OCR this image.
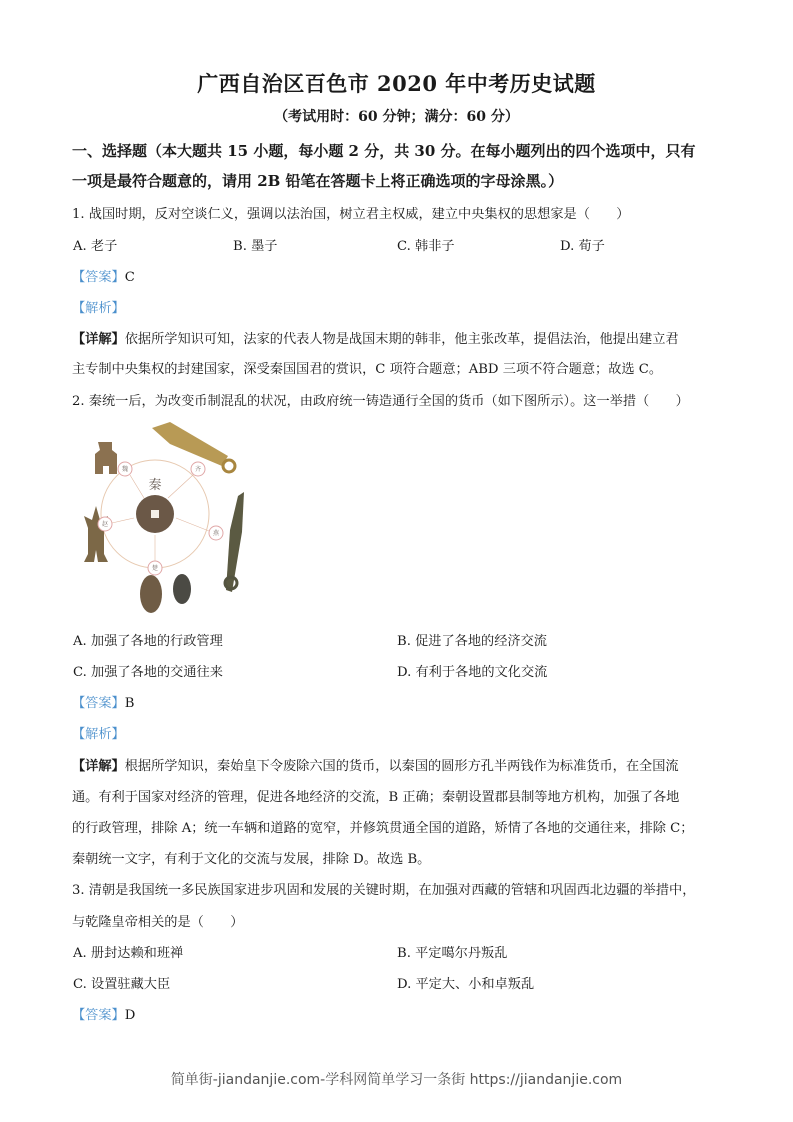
广西自治区百色市 2020 年中考历史试题
（考试用时：60 分钟；满分：60 分）
一、选择题（本大题共 15 小题，每小题 2 分，共 30 分。在每小题列出的四个选项中，只有
一项是最符合题意的，请用 2B 铅笔在答题卡上将正确选项的字母涂黑。）
1. 战国时期，反对空谈仁义，强调以法治国，树立君主权威，建立中央集权的思想家是（　　）
A. 老子	B. 墨子	C. 韩非子	D. 荀子
【答案】C
【解析】
【详解】依据所学知识可知，法家的代表人物是战国末期的韩非，他主张改革，提倡法治，他提出建立君
主专制中央集权的封建国家，深受秦国国君的赏识，C 项符合题意；ABD 三项不符合题意；故选 C。
2. 秦统一后，为改变币制混乱的状况，由政府统一铸造通行全国的货币（如下图所示）。这一举措（　　）
秦
魏	齐
赵
燕
楚
A. 加强了各地的行政管理	B. 促进了各地的经济交流
C. 加强了各地的交通往来	D. 有利于各地的文化交流
【答案】B
【解析】
【详解】根据所学知识，秦始皇下令废除六国的货币，以秦国的圆形方孔半两钱作为标准货币，在全国流
通。有利于国家对经济的管理，促进各地经济的交流，B 正确；秦朝设置郡县制等地方机构，加强了各地
的行政管理，排除 A；统一车辆和道路的宽窄，并修筑贯通全国的道路，矫情了各地的交通往来，排除 C；
秦朝统一文字，有利于文化的交流与发展，排除 D。故选 B。
3. 清朝是我国统一多民族国家进步巩固和发展的关键时期，在加强对西藏的管辖和巩固西北边疆的举措中，
与乾隆皇帝相关的是（　　）
A. 册封达赖和班禅	B. 平定噶尔丹叛乱
C. 设置驻藏大臣	D. 平定大、小和卓叛乱
【答案】D
简单街-jiandanjie.com-学科网简单学习一条街 https://jiandanjie.com
